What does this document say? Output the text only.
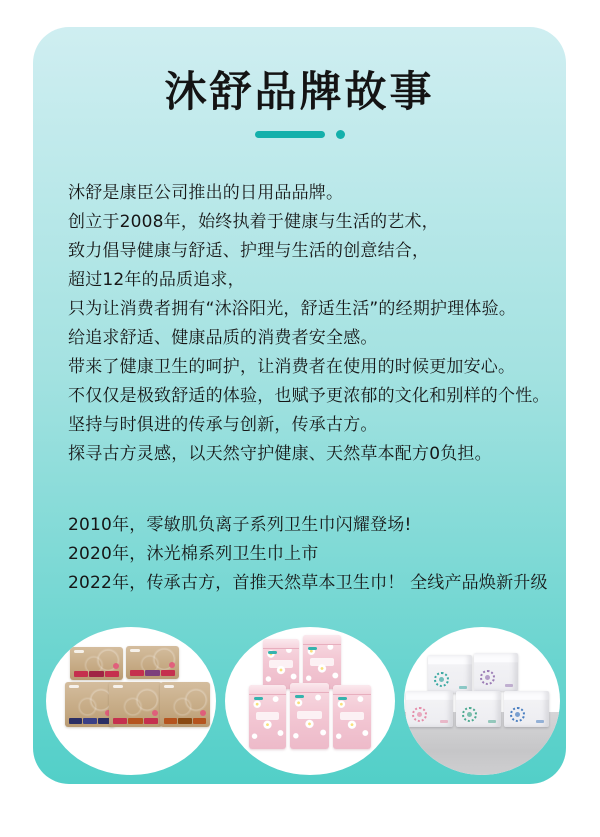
沐舒品牌故事

沐舒是康臣公司推出的日用品品牌。

创立于2008年，始终执着于健康与生活的艺术，

致力倡导健康与舒适、护理与生活的创意结合，

超过12年的品质追求，

只为让消费者拥有“沐浴阳光，舒适生活”的经期护理体验。

给追求舒适、健康品质的消费者安全感。

带来了健康卫生的呵护，让消费者在使用的时候更加安心。

不仅仅是极致舒适的体验，也赋予更浓郁的文化和别样的个性。

坚持与时俱进的传承与创新，传承古方。

探寻古方灵感，以天然守护健康、天然草本配方0负担。

2010年，零敏肌负离子系列卫生巾闪耀登场!

2020年，沐光棉系列卫生巾上市

2022年，传承古方，首推天然草本卫生巾！ 全线产品焕新升级
